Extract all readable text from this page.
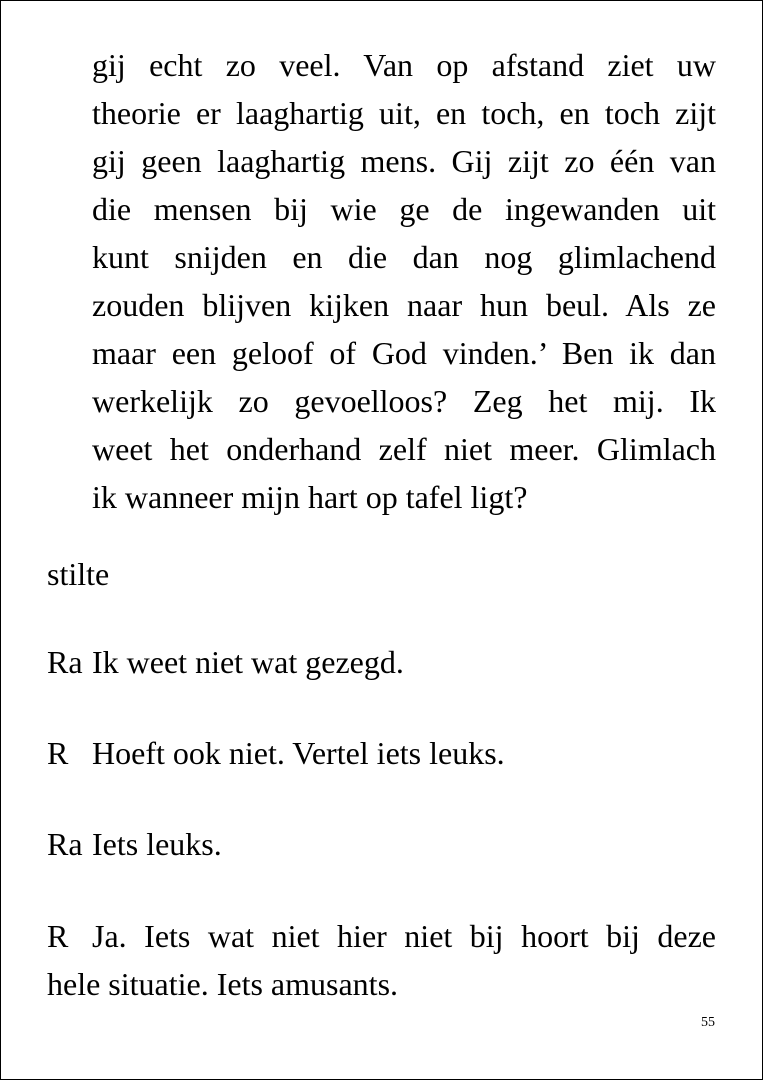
gij echt zo veel. Van op afstand ziet uw
theorie er laaghartig uit, en toch, en toch zijt
gij geen laaghartig mens. Gij zijt zo één van
die mensen bij wie ge de ingewanden uit
kunt snijden en die dan nog glimlachend
zouden blijven kijken naar hun beul. Als ze
maar een geloof of God vinden.’ Ben ik dan
werkelijk zo gevoelloos? Zeg het mij. Ik
weet het onderhand zelf niet meer. Glimlach
ik wanneer mijn hart op tafel ligt?
stilte
Ra Ik weet niet wat gezegd.
R Hoeft ook niet. Vertel iets leuks.
Ra Iets leuks.
R Ja. Iets wat niet hier niet bij hoort bij deze
hele situatie. Iets amusants.
55
